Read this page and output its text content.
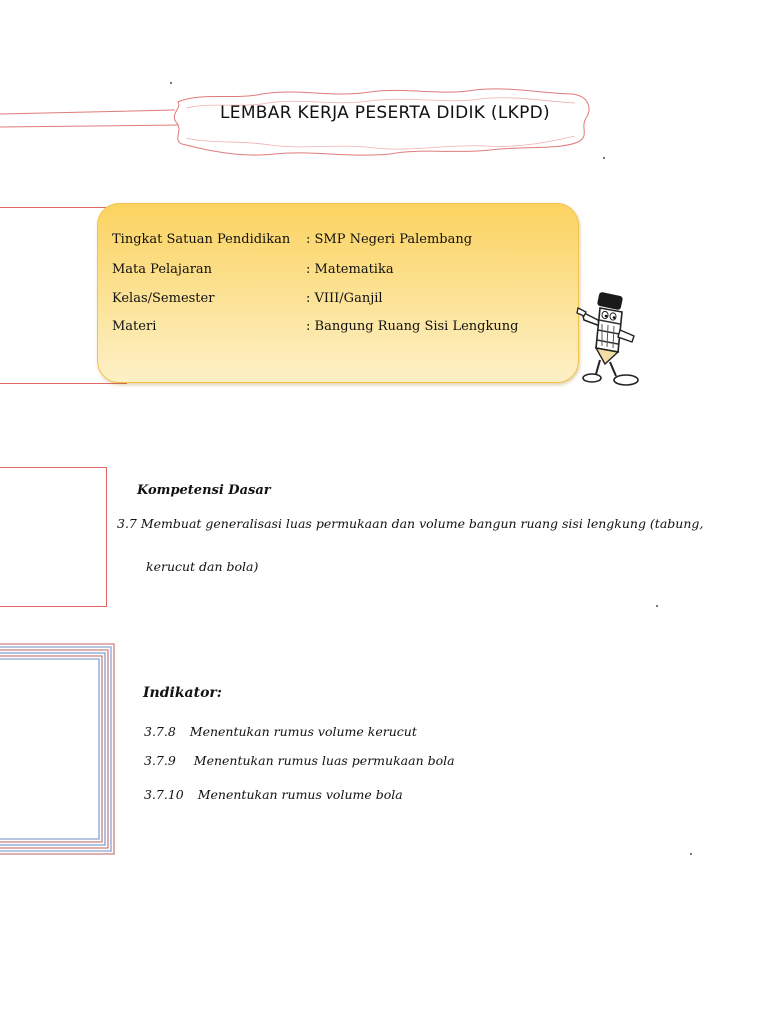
LEMBAR KERJA PESERTA DIDIK (LKPD)
Tingkat Satuan Pendidikan : SMP Negeri Palembang
Mata Pelajaran	: Matematika
Kelas/Semester	: VIII/Ganjil
Materi	: Bangung Ruang Sisi Lengkung
Kompetensi Dasar
3.7 Membuat generalisasi luas permukaan dan volume bangun ruang sisi lengkung (tabung,
kerucut dan bola)
Indikator:
3.7.8 Menentukan rumus volume kerucut
3.7.9 Menentukan rumus luas permukaan bola
3.7.10 Menentukan rumus volume bola
